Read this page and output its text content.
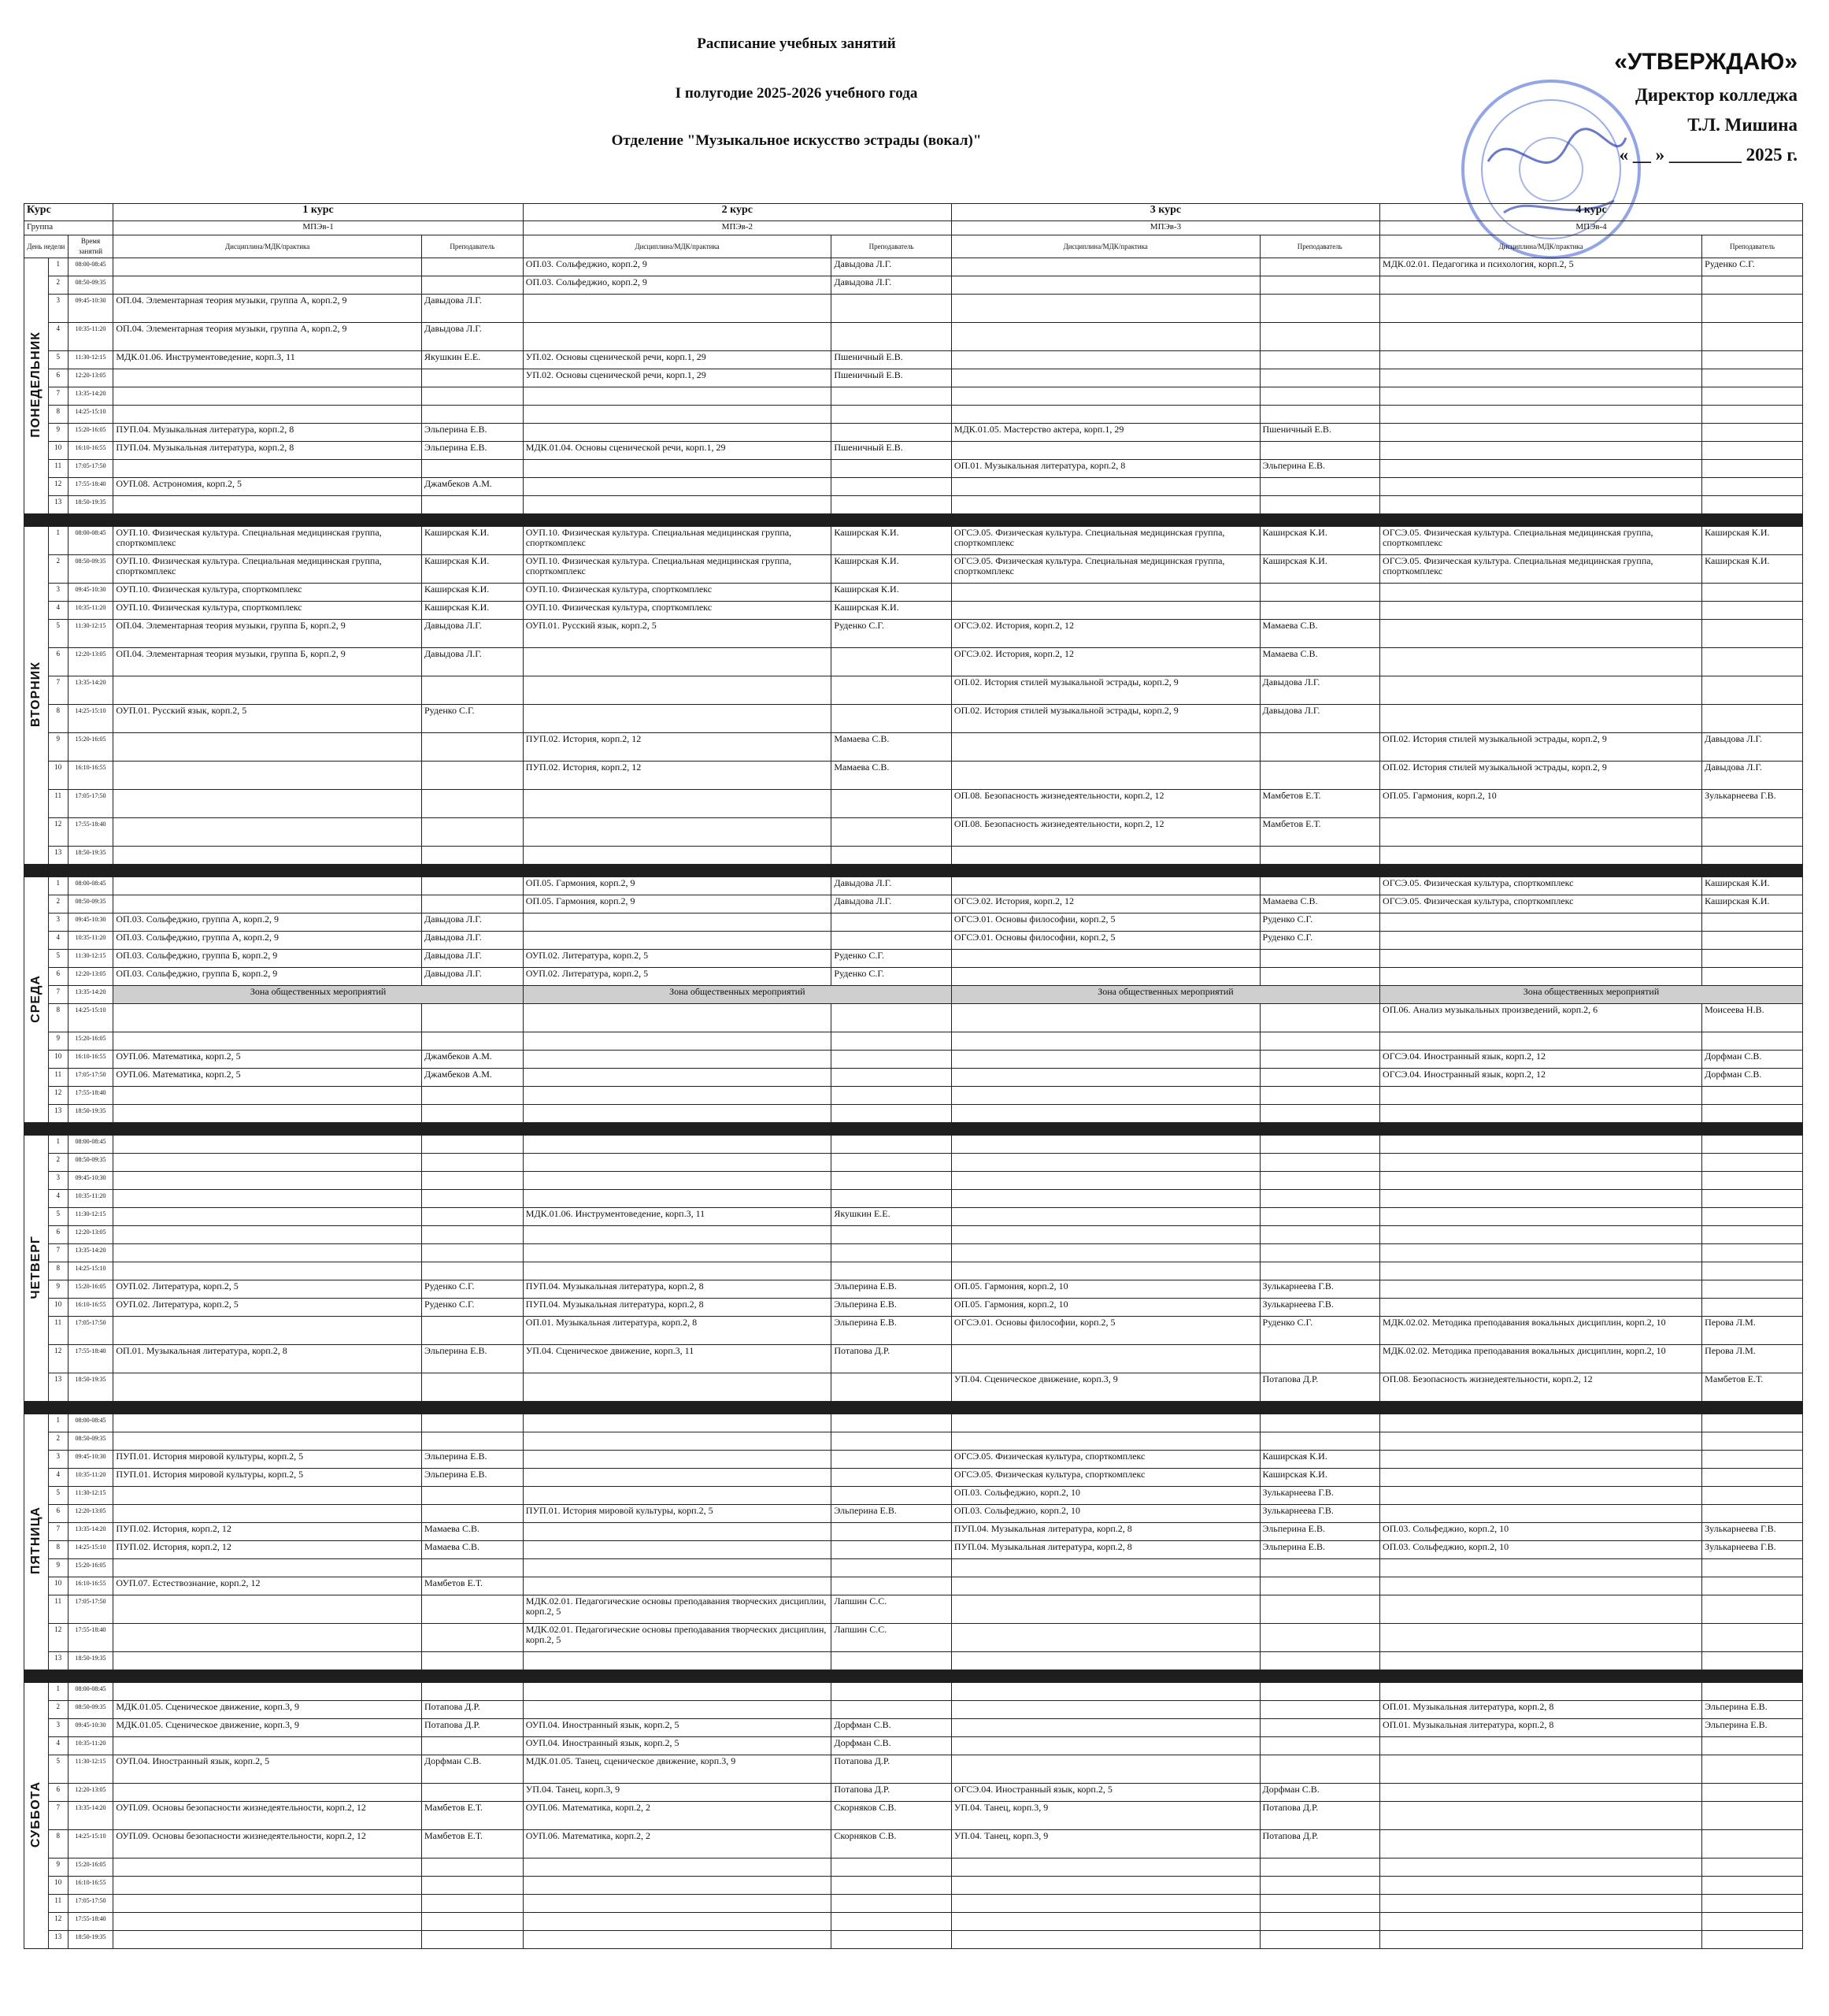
Расписание учебных занятий
I полугодие 2025-2026 учебного года
Отделение "Музыкальное искусство эстрады (вокал)"
«УТВЕРЖДАЮ»
Директор колледжа
Т.Л. Мишина
« __ » ________ 2025 г.
Курс			1 курс		2 курс		3 курс		4 курс	
Группа			МПЭв-1		МПЭв-2		МПЭв-3		МПЭв-4	
День недели		Время занятий	Дисциплина/МДК/практика	Преподаватель	Дисциплина/МДК/практика	Преподаватель	Дисциплина/МДК/практика	Преподаватель	Дисциплина/МДК/практика	Преподаватель
ПОНЕДЕЛЬНИК	1	08:00-08:45			ОП.03. Сольфеджио, корп.2, 9	Давыдова Л.Г.			МДК.02.01. Педагогика и психология, корп.2, 5	Руденко С.Г.
	2	08:50-09:35			ОП.03. Сольфеджио, корп.2, 9	Давыдова Л.Г.				
	3	09:45-10:30	ОП.04. Элементарная теория музыки, группа А, корп.2, 9	Давыдова Л.Г.						
	4	10:35-11:20	ОП.04. Элементарная теория музыки, группа А, корп.2, 9	Давыдова Л.Г.						
	5	11:30-12:15	МДК.01.06. Инструментоведение, корп.3, 11	Якушкин Е.Е.	УП.02. Основы сценической речи, корп.1, 29	Пшеничный Е.В.				
	6	12:20-13:05			УП.02. Основы сценической речи, корп.1, 29	Пшеничный Е.В.				
	7	13:35-14:20								
	8	14:25-15:10								
	9	15:20-16:05	ПУП.04. Музыкальная литература, корп.2, 8	Эльперина Е.В.			МДК.01.05. Мастерство актера, корп.1, 29	Пшеничный Е.В.		
	10	16:10-16:55	ПУП.04. Музыкальная литература, корп.2, 8	Эльперина Е.В.	МДК.01.04. Основы сценической речи, корп.1, 29	Пшеничный Е.В.				
	11	17:05-17:50					ОП.01. Музыкальная литература, корп.2, 8	Эльперина Е.В.		
	12	17:55-18:40	ОУП.08. Астрономия, корп.2, 5	Джамбеков А.М.						
	13	18:50-19:35								

ВТОРНИК	1	08:00-08:45	ОУП.10. Физическая культура. Специальная медицинская группа, спорткомплекс	Каширская К.И.	ОУП.10. Физическая культура. Специальная медицинская группа, спорткомплекс	Каширская К.И.	ОГСЭ.05. Физическая культура. Специальная медицинская группа, спорткомплекс	Каширская К.И.	ОГСЭ.05. Физическая культура. Специальная медицинская группа, спорткомплекс	Каширская К.И.
	2	08:50-09:35	ОУП.10. Физическая культура. Специальная медицинская группа, спорткомплекс	Каширская К.И.	ОУП.10. Физическая культура. Специальная медицинская группа, спорткомплекс	Каширская К.И.	ОГСЭ.05. Физическая культура. Специальная медицинская группа, спорткомплекс	Каширская К.И.	ОГСЭ.05. Физическая культура. Специальная медицинская группа, спорткомплекс	Каширская К.И.
	3	09:45-10:30	ОУП.10. Физическая культура, спорткомплекс	Каширская К.И.	ОУП.10. Физическая культура, спорткомплекс	Каширская К.И.				
	4	10:35-11:20	ОУП.10. Физическая культура, спорткомплекс	Каширская К.И.	ОУП.10. Физическая культура, спорткомплекс	Каширская К.И.				
	5	11:30-12:15	ОП.04. Элементарная теория музыки, группа Б, корп.2, 9	Давыдова Л.Г.	ОУП.01. Русский язык, корп.2, 5	Руденко С.Г.	ОГСЭ.02. История, корп.2, 12	Мамаева С.В.		
	6	12:20-13:05	ОП.04. Элементарная теория музыки, группа Б, корп.2, 9	Давыдова Л.Г.			ОГСЭ.02. История, корп.2, 12	Мамаева С.В.		
	7	13:35-14:20					ОП.02. История стилей музыкальной эстрады, корп.2, 9	Давыдова Л.Г.		
	8	14:25-15:10	ОУП.01. Русский язык, корп.2, 5	Руденко С.Г.			ОП.02. История стилей музыкальной эстрады, корп.2, 9	Давыдова Л.Г.		
	9	15:20-16:05			ПУП.02. История, корп.2, 12	Мамаева С.В.			ОП.02. История стилей музыкальной эстрады, корп.2, 9	Давыдова Л.Г.
	10	16:10-16:55			ПУП.02. История, корп.2, 12	Мамаева С.В.			ОП.02. История стилей музыкальной эстрады, корп.2, 9	Давыдова Л.Г.
	11	17:05-17:50					ОП.08. Безопасность жизнедеятельности, корп.2, 12	Мамбетов Е.Т.	ОП.05. Гармония, корп.2, 10	Зулькарнеева Г.В.
	12	17:55-18:40					ОП.08. Безопасность жизнедеятельности, корп.2, 12	Мамбетов Е.Т.		
	13	18:50-19:35								

СРЕДА	1	08:00-08:45			ОП.05. Гармония, корп.2, 9	Давыдова Л.Г.			ОГСЭ.05. Физическая культура, спорткомплекс	Каширская К.И.
	2	08:50-09:35			ОП.05. Гармония, корп.2, 9	Давыдова Л.Г.	ОГСЭ.02. История, корп.2, 12	Мамаева С.В.	ОГСЭ.05. Физическая культура, спорткомплекс	Каширская К.И.
	3	09:45-10:30	ОП.03. Сольфеджио, группа А, корп.2, 9	Давыдова Л.Г.			ОГСЭ.01. Основы философии, корп.2, 5	Руденко С.Г.		
	4	10:35-11:20	ОП.03. Сольфеджио, группа А, корп.2, 9	Давыдова Л.Г.			ОГСЭ.01. Основы философии, корп.2, 5	Руденко С.Г.		
	5	11:30-12:15	ОП.03. Сольфеджио, группа Б, корп.2, 9	Давыдова Л.Г.	ОУП.02. Литература, корп.2, 5	Руденко С.Г.				
	6	12:20-13:05	ОП.03. Сольфеджио, группа Б, корп.2, 9	Давыдова Л.Г.	ОУП.02. Литература, корп.2, 5	Руденко С.Г.				
	7	13:35-14:20	Зона общественных мероприятий		Зона общественных мероприятий		Зона общественных мероприятий		Зона общественных мероприятий	
	8	14:25-15:10							ОП.06. Анализ музыкальных произведений, корп.2, 6	Моисеева Н.В.
	9	15:20-16:05								
	10	16:10-16:55	ОУП.06. Математика, корп.2, 5	Джамбеков А.М.					ОГСЭ.04. Иностранный язык, корп.2, 12	Дорфман С.В.
	11	17:05-17:50	ОУП.06. Математика, корп.2, 5	Джамбеков А.М.					ОГСЭ.04. Иностранный язык, корп.2, 12	Дорфман С.В.
	12	17:55-18:40								
	13	18:50-19:35								

ЧЕТВЕРГ	1	08:00-08:45								
	2	08:50-09:35								
	3	09:45-10:30								
	4	10:35-11:20								
	5	11:30-12:15			МДК.01.06. Инструментоведение, корп.3, 11	Якушкин Е.Е.				
	6	12:20-13:05								
	7	13:35-14:20								
	8	14:25-15:10								
	9	15:20-16:05	ОУП.02. Литература, корп.2, 5	Руденко С.Г.	ПУП.04. Музыкальная литература, корп.2, 8	Эльперина Е.В.	ОП.05. Гармония, корп.2, 10	Зулькарнеева Г.В.		
	10	16:10-16:55	ОУП.02. Литература, корп.2, 5	Руденко С.Г.	ПУП.04. Музыкальная литература, корп.2, 8	Эльперина Е.В.	ОП.05. Гармония, корп.2, 10	Зулькарнеева Г.В.		
	11	17:05-17:50			ОП.01. Музыкальная литература, корп.2, 8	Эльперина Е.В.	ОГСЭ.01. Основы философии, корп.2, 5	Руденко С.Г.	МДК.02.02. Методика преподавания вокальных дисциплин, корп.2, 10	Перова Л.М.
	12	17:55-18:40	ОП.01. Музыкальная литература, корп.2, 8	Эльперина Е.В.	УП.04. Сценическое движение, корп.3, 11	Потапова Д.Р.			МДК.02.02. Методика преподавания вокальных дисциплин, корп.2, 10	Перова Л.М.
	13	18:50-19:35					УП.04. Сценическое движение, корп.3, 9	Потапова Д.Р.	ОП.08. Безопасность жизнедеятельности, корп.2, 12	Мамбетов Е.Т.

ПЯТНИЦА	1	08:00-08:45								
	2	08:50-09:35								
	3	09:45-10:30	ПУП.01. История мировой культуры, корп.2, 5	Эльперина Е.В.			ОГСЭ.05. Физическая культура, спорткомплекс	Каширская К.И.		
	4	10:35-11:20	ПУП.01. История мировой культуры, корп.2, 5	Эльперина Е.В.			ОГСЭ.05. Физическая культура, спорткомплекс	Каширская К.И.		
	5	11:30-12:15					ОП.03. Сольфеджио, корп.2, 10	Зулькарнеева Г.В.		
	6	12:20-13:05			ПУП.01. История мировой культуры, корп.2, 5	Эльперина Е.В.	ОП.03. Сольфеджио, корп.2, 10	Зулькарнеева Г.В.		
	7	13:35-14:20	ПУП.02. История, корп.2, 12	Мамаева С.В.			ПУП.04. Музыкальная литература, корп.2, 8	Эльперина Е.В.	ОП.03. Сольфеджио, корп.2, 10	Зулькарнеева Г.В.
	8	14:25-15:10	ПУП.02. История, корп.2, 12	Мамаева С.В.			ПУП.04. Музыкальная литература, корп.2, 8	Эльперина Е.В.	ОП.03. Сольфеджио, корп.2, 10	Зулькарнеева Г.В.
	9	15:20-16:05								
	10	16:10-16:55	ОУП.07. Естествознание, корп.2, 12	Мамбетов Е.Т.						
	11	17:05-17:50			МДК.02.01. Педагогические основы преподавания творческих дисциплин, корп.2, 5	Лапшин С.С.				
	12	17:55-18:40			МДК.02.01. Педагогические основы преподавания творческих дисциплин, корп.2, 5	Лапшин С.С.				
	13	18:50-19:35								

СУББОТА	1	08:00-08:45								
	2	08:50-09:35	МДК.01.05. Сценическое движение, корп.3, 9	Потапова Д.Р.					ОП.01. Музыкальная литература, корп.2, 8	Эльперина Е.В.
	3	09:45-10:30	МДК.01.05. Сценическое движение, корп.3, 9	Потапова Д.Р.	ОУП.04. Иностранный язык, корп.2, 5	Дорфман С.В.			ОП.01. Музыкальная литература, корп.2, 8	Эльперина Е.В.
	4	10:35-11:20			ОУП.04. Иностранный язык, корп.2, 5	Дорфман С.В.				
	5	11:30-12:15	ОУП.04. Иностранный язык, корп.2, 5	Дорфман С.В.	МДК.01.05. Танец, сценическое движение, корп.3, 9	Потапова Д.Р.				
	6	12:20-13:05			УП.04. Танец, корп.3, 9	Потапова Д.Р.	ОГСЭ.04. Иностранный язык, корп.2, 5	Дорфман С.В.		
	7	13:35-14:20	ОУП.09. Основы безопасности жизнедеятельности, корп.2, 12	Мамбетов Е.Т.	ОУП.06. Математика, корп.2, 2	Скорняков С.В.	УП.04. Танец, корп.3, 9	Потапова Д.Р.		
	8	14:25-15:10	ОУП.09. Основы безопасности жизнедеятельности, корп.2, 12	Мамбетов Е.Т.	ОУП.06. Математика, корп.2, 2	Скорняков С.В.	УП.04. Танец, корп.3, 9	Потапова Д.Р.		
	9	15:20-16:05								
	10	16:10-16:55								
	11	17:05-17:50								
	12	17:55-18:40								
	13	18:50-19:35								
